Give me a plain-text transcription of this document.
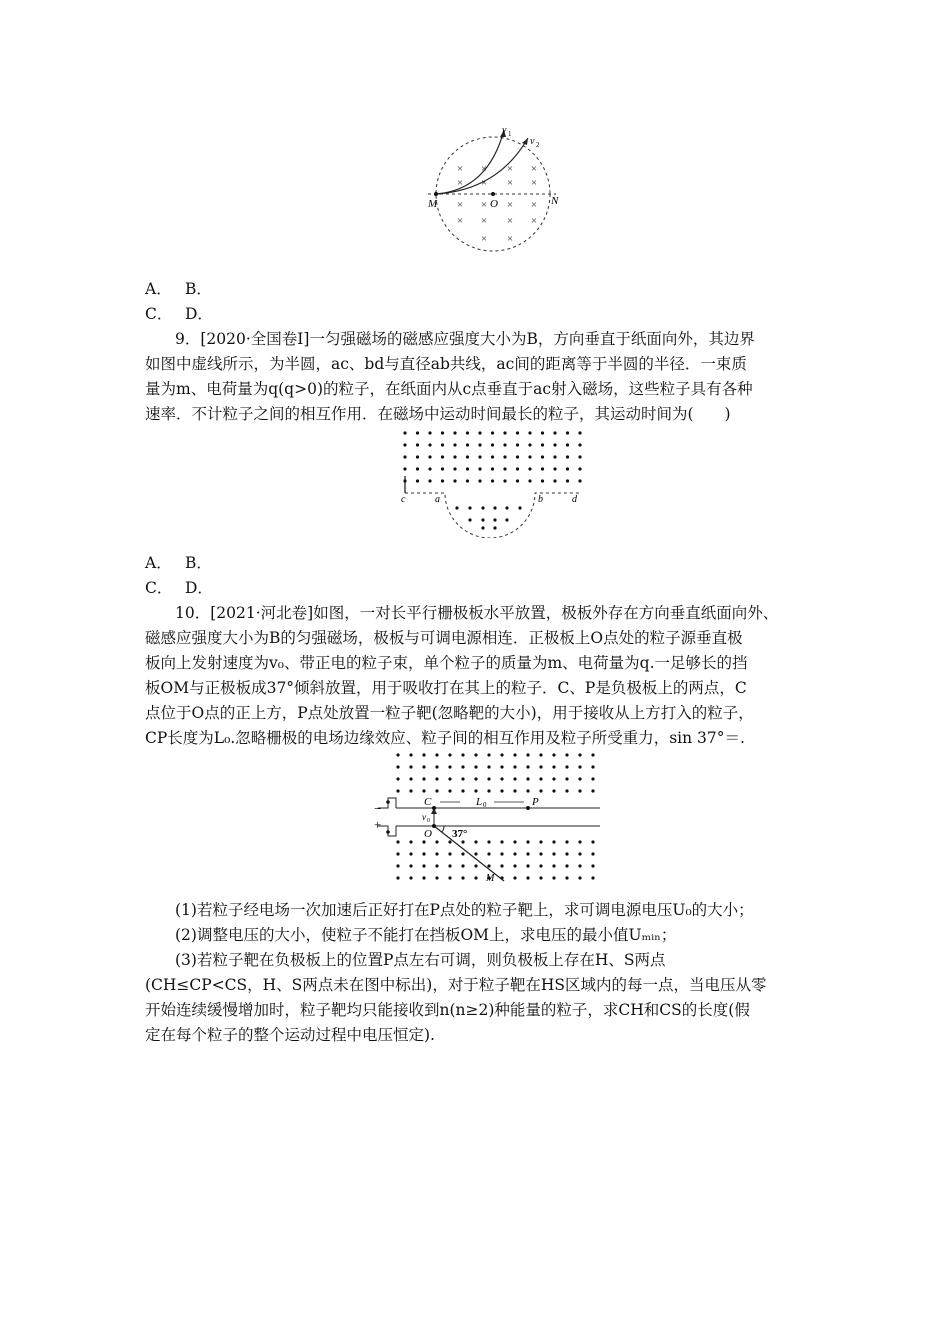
× × × ×
× × × ×
× × × ×
× × × ×
× ×
v 1
v 2
M	O	N
A． B．
C． D．
9．[2020·全国卷Ⅰ]一匀强磁场的磁感应强度大小为B，方向垂直于纸面向外，其边界
如图中虚线所示，为半圆，ac、bd与直径ab共线，ac间的距离等于半圆的半径．一束质
量为m、电荷量为q(q>0)的粒子，在纸面内从c点垂直于ac射入磁场，这些粒子具有各种
速率．不计粒子之间的相互作用．在磁场中运动时间最长的粒子，其运动时间为(　　)
c	a	b	d
A． B．
C． D．
10．[2021·河北卷]如图，一对长平行栅极板水平放置，极板外存在方向垂直纸面向外、
磁感应强度大小为B的匀强磁场，极板与可调电源相连．正极板上O点处的粒子源垂直极
板向上发射速度为v₀、带正电的粒子束，单个粒子的质量为m、电荷量为q.一足够长的挡
板OM与正极板成37°倾斜放置，用于吸收打在其上的粒子．C、P是负极板上的两点，C
点位于O点的正上方，P点处放置一粒子靶(忽略靶的大小)，用于接收从上方打入的粒子，
CP长度为L₀.忽略栅极的电场边缘效应、粒子间的相互作用及粒子所受重力，sin 37°＝.
−
+
C	L 0	P
v 0
O 37°
M
(1)若粒子经电场一次加速后正好打在P点处的粒子靶上，求可调电源电压U₀的大小；
(2)调整电压的大小，使粒子不能打在挡板OM上，求电压的最小值Uₘᵢₙ；
(3)若粒子靶在负极板上的位置P点左右可调，则负极板上存在H、S两点
(CH≤CP<CS，H、S两点未在图中标出)，对于粒子靶在HS区域内的每一点，当电压从零
开始连续缓慢增加时，粒子靶均只能接收到n(n≥2)种能量的粒子，求CH和CS的长度(假
定在每个粒子的整个运动过程中电压恒定).
